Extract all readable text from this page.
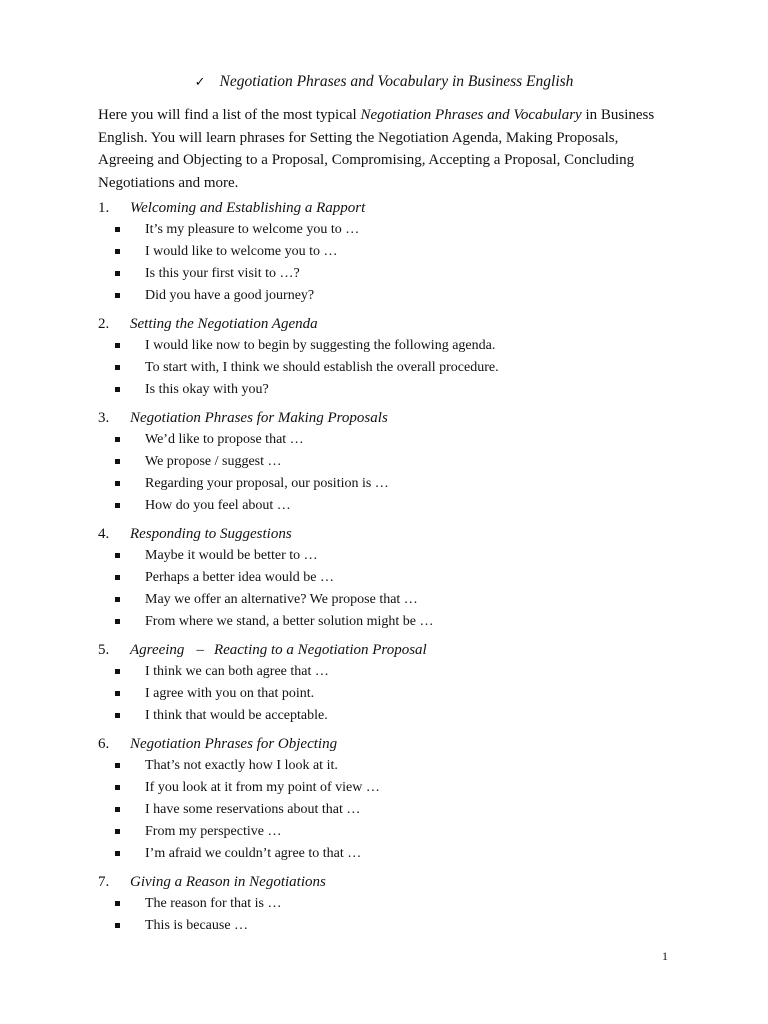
✓ Negotiation Phrases and Vocabulary in Business English
Here you will find a list of the most typical Negotiation Phrases and Vocabulary in Business English. You will learn phrases for Setting the Negotiation Agenda, Making Proposals, Agreeing and Objecting to a Proposal, Compromising, Accepting a Proposal, Concluding Negotiations and more.
1. Welcoming and Establishing a Rapport
It’s my pleasure to welcome you to …
I would like to welcome you to …
Is this your first visit to …?
Did you have a good journey?
2. Setting the Negotiation Agenda
I would like now to begin by suggesting the following agenda.
To start with, I think we should establish the overall procedure.
Is this okay with you?
3. Negotiation Phrases for Making Proposals
We’d like to propose that …
We propose / suggest …
Regarding your proposal, our position is …
How do you feel about …
4. Responding to Suggestions
Maybe it would be better to …
Perhaps a better idea would be …
May we offer an alternative? We propose that …
From where we stand, a better solution might be …
5. Agreeing – Reacting to a Negotiation Proposal
I think we can both agree that …
I agree with you on that point.
I think that would be acceptable.
6. Negotiation Phrases for Objecting
That’s not exactly how I look at it.
If you look at it from my point of view …
I have some reservations about that …
From my perspective …
I’m afraid we couldn’t agree to that …
7. Giving a Reason in Negotiations
The reason for that is …
This is because …
1
